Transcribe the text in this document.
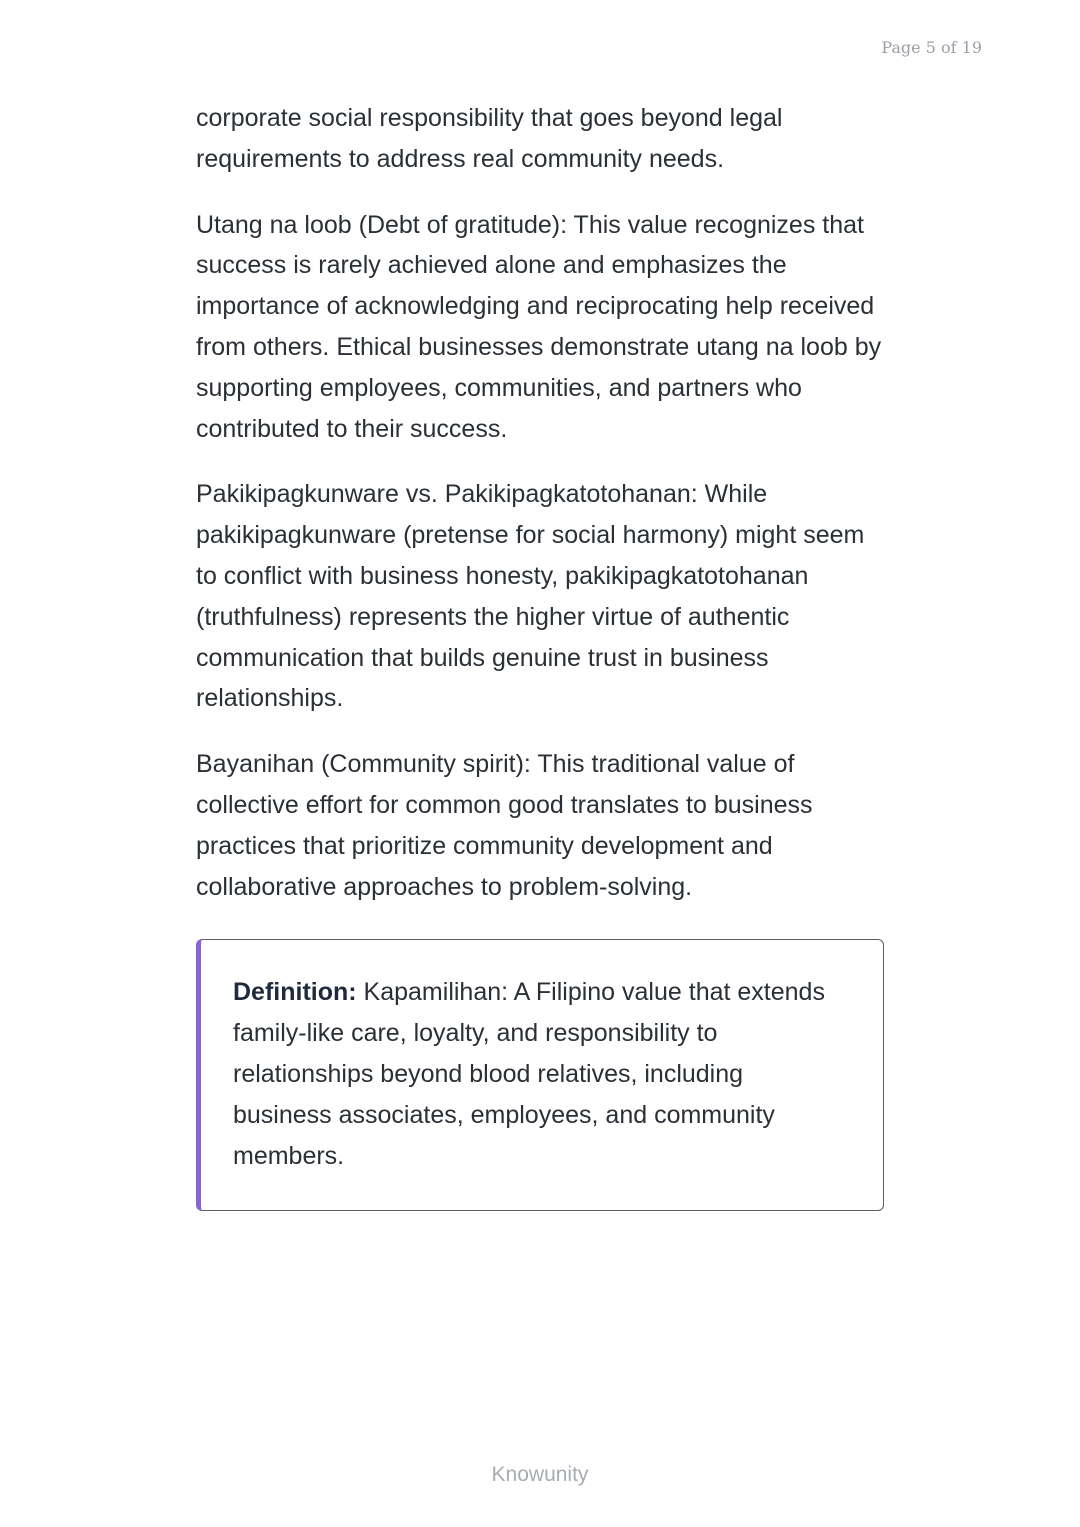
Page 5 of 19

corporate social responsibility that goes beyond legal requirements to address real community needs.

Utang na loob (Debt of gratitude): This value recognizes that success is rarely achieved alone and emphasizes the importance of acknowledging and reciprocating help received from others. Ethical businesses demonstrate utang na loob by supporting employees, communities, and partners who contributed to their success.

Pakikipagkunware vs. Pakikipagkatotohanan: While pakikipagkunware (pretense for social harmony) might seem to conflict with business honesty, pakikipagkatotohanan (truthfulness) represents the higher virtue of authentic communication that builds genuine trust in business relationships.

Bayanihan (Community spirit): This traditional value of collective effort for common good translates to business practices that prioritize community development and collaborative approaches to problem-solving.

Definition: Kapamilihan: A Filipino value that extends family-like care, loyalty, and responsibility to relationships beyond blood relatives, including business associates, employees, and community members.

Knowunity
